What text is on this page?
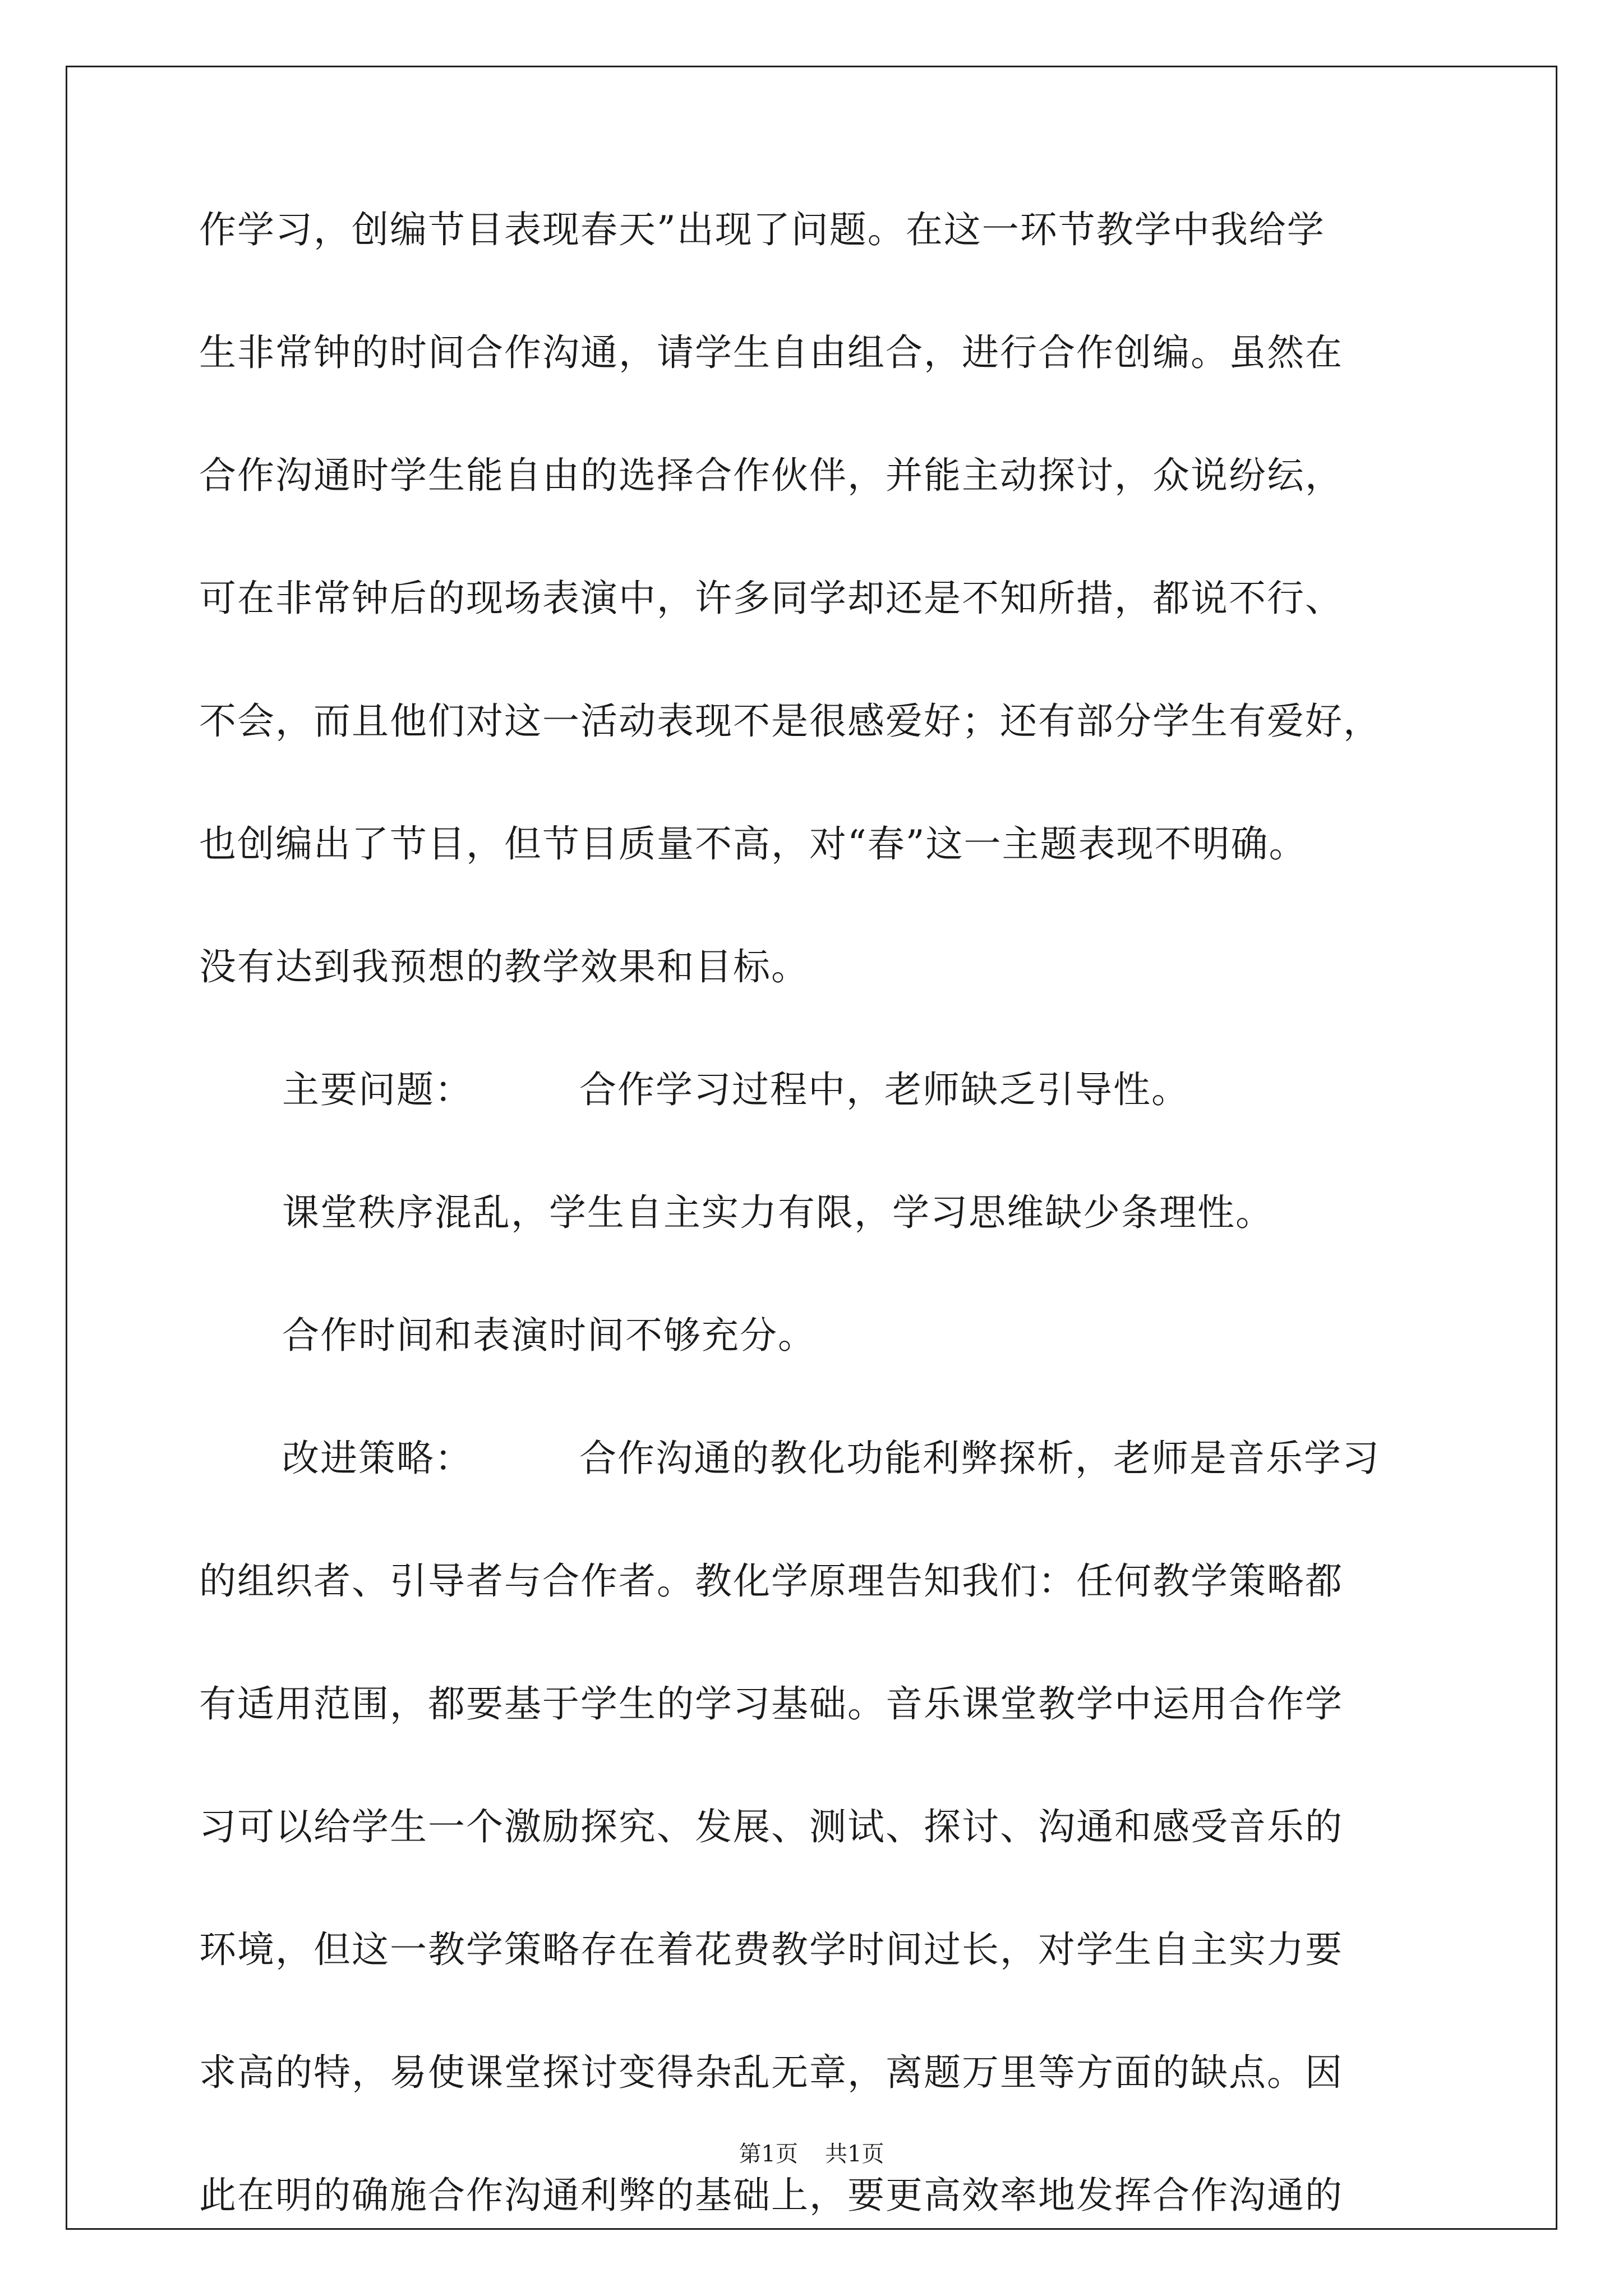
作学习，创编节目表现春天”出现了问题。在这一环节教学中我给学
生非常钟的时间合作沟通，请学生自由组合，进行合作创编。虽然在
合作沟通时学生能自由的选择合作伙伴，并能主动探讨，众说纷纭，
可在非常钟后的现场表演中，许多同学却还是不知所措，都说不行、
不会，而且他们对这一活动表现不是很感爱好；还有部分学生有爱好，
也创编出了节目，但节目质量不高，对“春”这一主题表现不明确。
没有达到我预想的教学效果和目标。
主要问题：	合作学习过程中，老师缺乏引导性。
课堂秩序混乱，学生自主实力有限，学习思维缺少条理性。
合作时间和表演时间不够充分。
改进策略：	合作沟通的教化功能利弊探析，老师是音乐学习
的组织者、引导者与合作者。教化学原理告知我们：任何教学策略都
有适用范围，都要基于学生的学习基础。音乐课堂教学中运用合作学
习可以给学生一个激励探究、发展、测试、探讨、沟通和感受音乐的
环境，但这一教学策略存在着花费教学时间过长，对学生自主实力要
求高的特，易使课堂探讨变得杂乱无章，离题万里等方面的缺点。因
此在明的确施合作沟通利弊的基础上，要更高效率地发挥合作沟通的
第1页 共1页
